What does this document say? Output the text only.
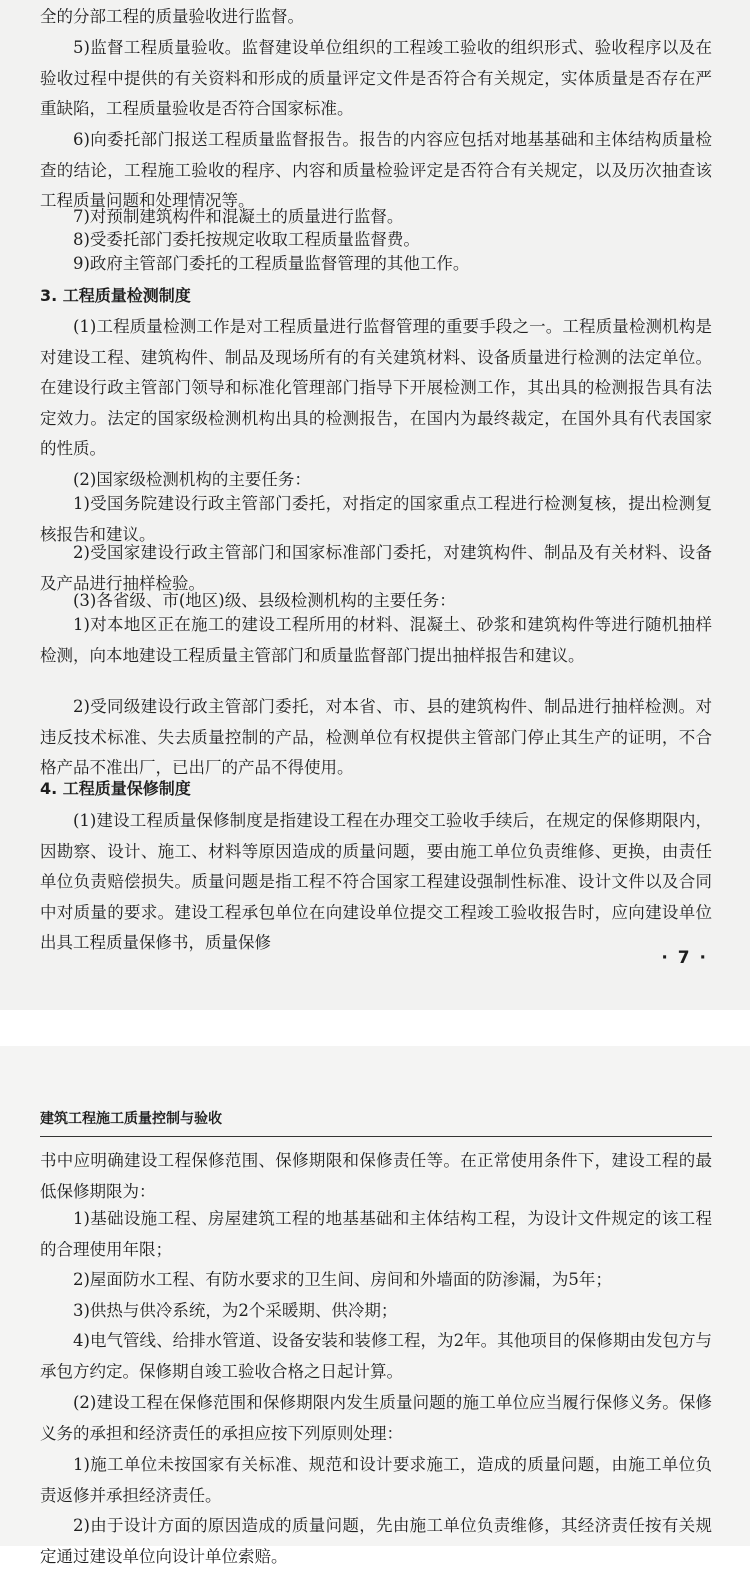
全的分部工程的质量验收进行监督。

5)监督工程质量验收。监督建设单位组织的工程竣工验收的组织形式、验收程序以及在验收过程中提供的有关资料和形成的质量评定文件是否符合有关规定，实体质量是否存在严重缺陷，工程质量验收是否符合国家标准。

6)向委托部门报送工程质量监督报告。报告的内容应包括对地基基础和主体结构质量检查的结论，工程施工验收的程序、内容和质量检验评定是否符合有关规定，以及历次抽查该工程质量问题和处理情况等。

7)对预制建筑构件和混凝土的质量进行监督。

8)受委托部门委托按规定收取工程质量监督费。

9)政府主管部门委托的工程质量监督管理的其他工作。

3. 工程质量检测制度

(1)工程质量检测工作是对工程质量进行监督管理的重要手段之一。工程质量检测机构是对建设工程、建筑构件、制品及现场所有的有关建筑材料、设备质量进行检测的法定单位。在建设行政主管部门领导和标准化管理部门指导下开展检测工作，其出具的检测报告具有法定效力。法定的国家级检测机构出具的检测报告，在国内为最终裁定，在国外具有代表国家的性质。

(2)国家级检测机构的主要任务：

1)受国务院建设行政主管部门委托，对指定的国家重点工程进行检测复核，提出检测复核报告和建议。

2)受国家建设行政主管部门和国家标准部门委托，对建筑构件、制品及有关材料、设备及产品进行抽样检验。

(3)各省级、市(地区)级、县级检测机构的主要任务：

1)对本地区正在施工的建设工程所用的材料、混凝土、砂浆和建筑构件等进行随机抽样检测，向本地建设工程质量主管部门和质量监督部门提出抽样报告和建议。

2)受同级建设行政主管部门委托，对本省、市、县的建筑构件、制品进行抽样检测。对违反技术标准、失去质量控制的产品，检测单位有权提供主管部门停止其生产的证明，不合格产品不准出厂，已出厂的产品不得使用。

4. 工程质量保修制度

(1)建设工程质量保修制度是指建设工程在办理交工验收手续后，在规定的保修期限内，因勘察、设计、施工、材料等原因造成的质量问题，要由施工单位负责维修、更换，由责任单位负责赔偿损失。质量问题是指工程不符合国家工程建设强制性标准、设计文件以及合同中对质量的要求。建设工程承包单位在向建设单位提交工程竣工验收报告时，应向建设单位出具工程质量保修书，质量保修

· 7 ·
建筑工程施工质量控制与验收

书中应明确建设工程保修范围、保修期限和保修责任等。在正常使用条件下，建设工程的最低保修期限为：

1)基础设施工程、房屋建筑工程的地基基础和主体结构工程，为设计文件规定的该工程的合理使用年限；

2)屋面防水工程、有防水要求的卫生间、房间和外墙面的防渗漏，为5年；

3)供热与供冷系统，为2个采暖期、供冷期；

4)电气管线、给排水管道、设备安装和装修工程，为2年。其他项目的保修期由发包方与承包方约定。保修期自竣工验收合格之日起计算。

(2)建设工程在保修范围和保修期限内发生质量问题的施工单位应当履行保修义务。保修义务的承担和经济责任的承担应按下列原则处理：

1)施工单位未按国家有关标准、规范和设计要求施工，造成的质量问题，由施工单位负责返修并承担经济责任。

2)由于设计方面的原因造成的质量问题，先由施工单位负责维修，其经济责任按有关规定通过建设单位向设计单位索赔。
